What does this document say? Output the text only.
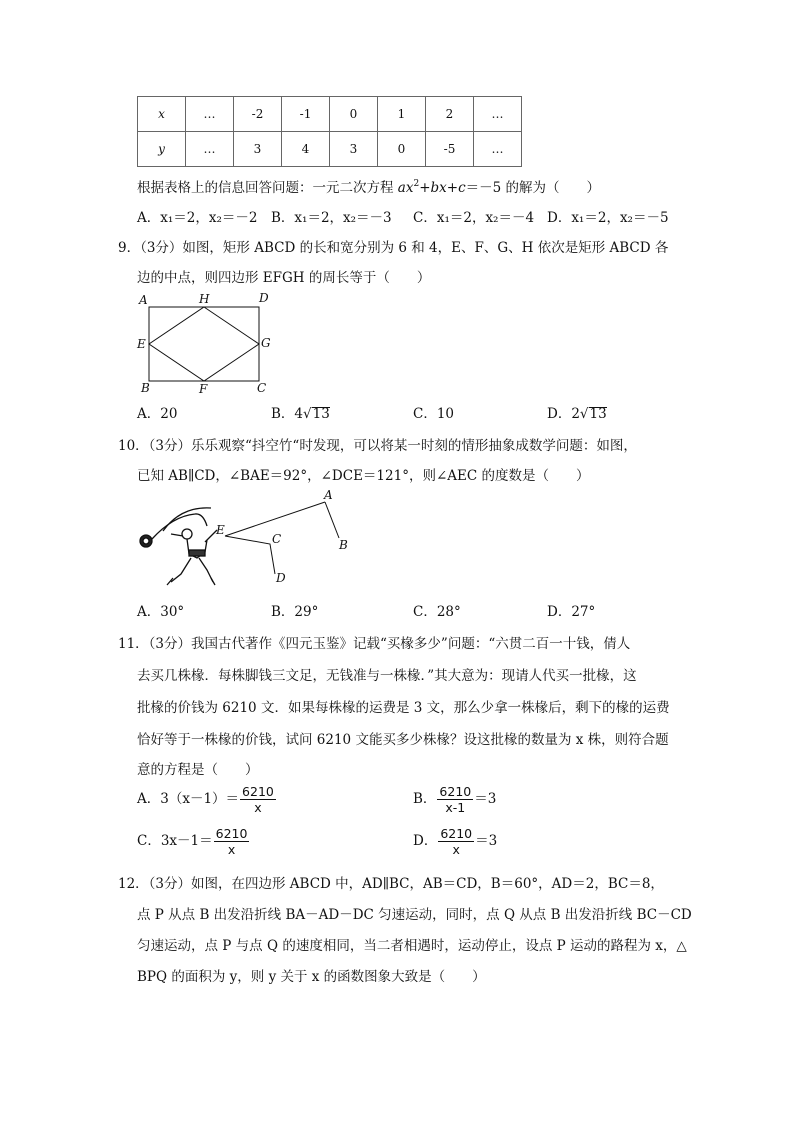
x	…	-2	-1	0	1	2	…
y	…	3	4	3	0	-5	…
根据表格上的信息回答问题：一元二次方程 $ax^2+bx+c=-5$ 的解为（　　）
A．x₁＝2，x₂＝－2 B．x₁＝2，x₂＝－3 C．x₁＝2，x₂＝－4 D．x₁＝2，x₂＝－5
9．（3分）如图，矩形 ABCD 的长和宽分别为 6 和 4，E、F、G、H 依次是矩形 ABCD 各
边的中点，则四边形 EFGH 的周长等于（　　）
A	H	D
E	G
B	F	C
A．20	B．4√13	C．10	D．2√13
10．（3分）乐乐观察“抖空竹“时发现，可以将某一时刻的情形抽象成数学问题：如图，
已知 AB∥CD，∠BAE＝92°，∠DCE＝121°，则∠AEC 的度数是（　　）
A
B
E
C
D
A．30°	B．29°	C．28°	D．27°
11．（3分）我国古代著作《四元玉鉴》记载“买椽多少”问题：“六贯二百一十钱，倩人
去买几株椽．每株脚钱三文足，无钱准与一株椽．”其大意为：现请人代买一批椽，这
批椽的价钱为 6210 文．如果每株椽的运费是 3 文，那么少拿一株椽后，剩下的椽的运费
恰好等于一株椽的价钱，试问 6210 文能买多少株椽？设这批椽的数量为 x 株，则符合题
意的方程是（　　）
A．$3(x-1)= \frac{6210}{x}$	B． $\frac{6210}{x-1} =3$
C．$3x-1= \frac{6210}{x}$	D． $\frac{6210}{x} =3$
12．（3分）如图，在四边形 ABCD 中，AD∥BC，AB＝CD，B＝60°，AD＝2，BC＝8，
点 P 从点 B 出发沿折线 BA－AD－DC 匀速运动，同时，点 Q 从点 B 出发沿折线 BC－CD
匀速运动，点 P 与点 Q 的速度相同，当二者相遇时，运动停止，设点 P 运动的路程为 x，△
BPQ 的面积为 y，则 y 关于 x 的函数图象大致是（　　）
